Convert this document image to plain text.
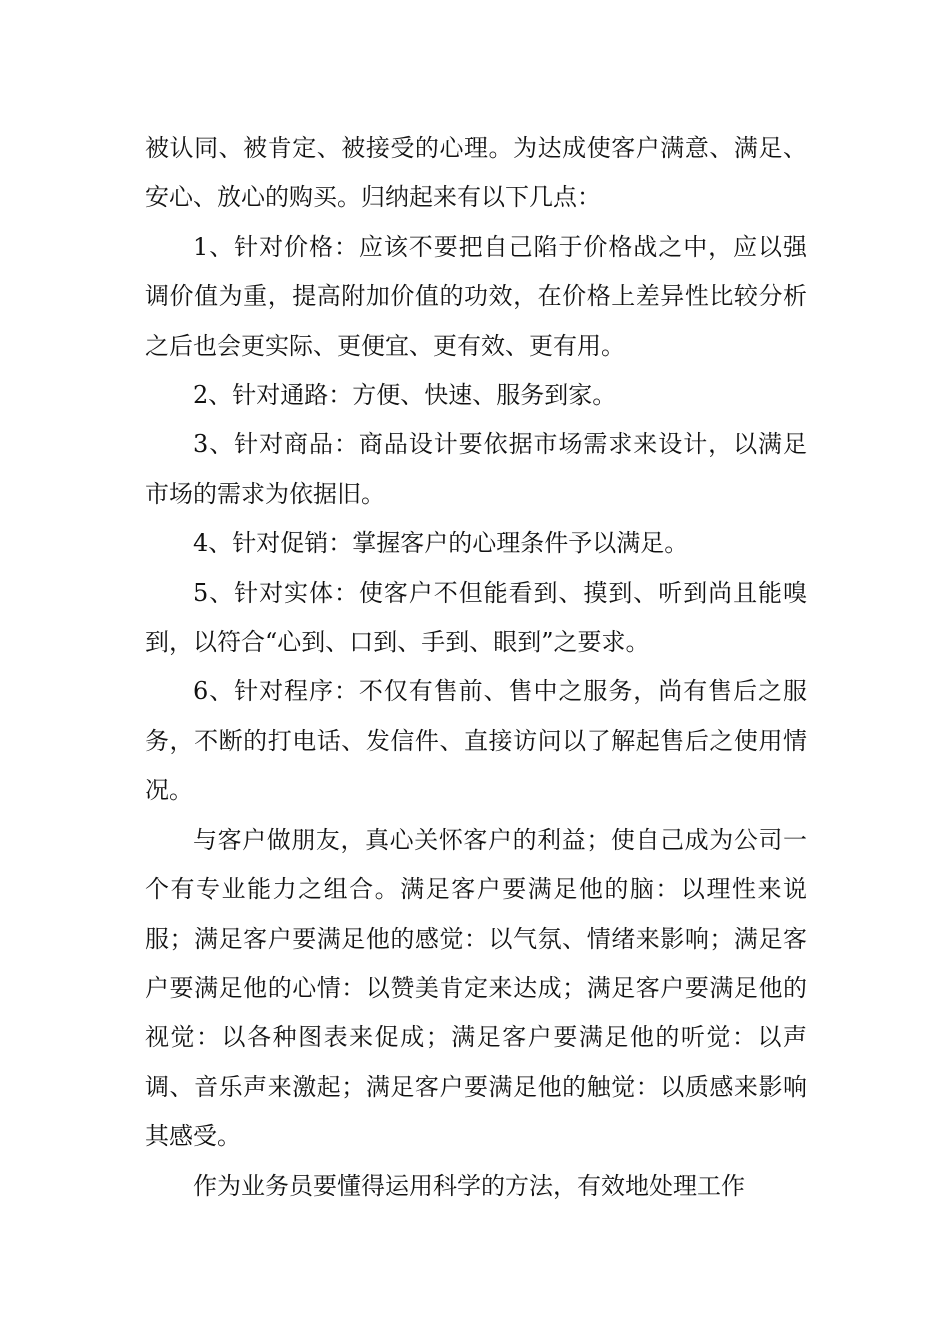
被认同、被肯定、被接受的心理。为达成使客户满意、满足、安心、放心的购买。归纳起来有以下几点：

1、针对价格：应该不要把自己陷于价格战之中，应以强调价值为重，提高附加价值的功效，在价格上差异性比较分析之后也会更实际、更便宜、更有效、更有用。

2、针对通路：方便、快速、服务到家。

3、针对商品：商品设计要依据市场需求来设计，以满足市场的需求为依据旧。

4、针对促销：掌握客户的心理条件予以满足。

5、针对实体：使客户不但能看到、摸到、听到尚且能嗅到，以符合“心到、口到、手到、眼到”之要求。

6、针对程序：不仅有售前、售中之服务，尚有售后之服务，不断的打电话、发信件、直接访问以了解起售后之使用情况。

与客户做朋友，真心关怀客户的利益；使自己成为公司一个有专业能力之组合。满足客户要满足他的脑：以理性来说服；满足客户要满足他的感觉：以气氛、情绪来影响；满足客户要满足他的心情：以赞美肯定来达成；满足客户要满足他的视觉：以各种图表来促成；满足客户要满足他的听觉：以声调、音乐声来激起；满足客户要满足他的触觉：以质感来影响其感受。

作为业务员要懂得运用科学的方法，有效地处理工作
